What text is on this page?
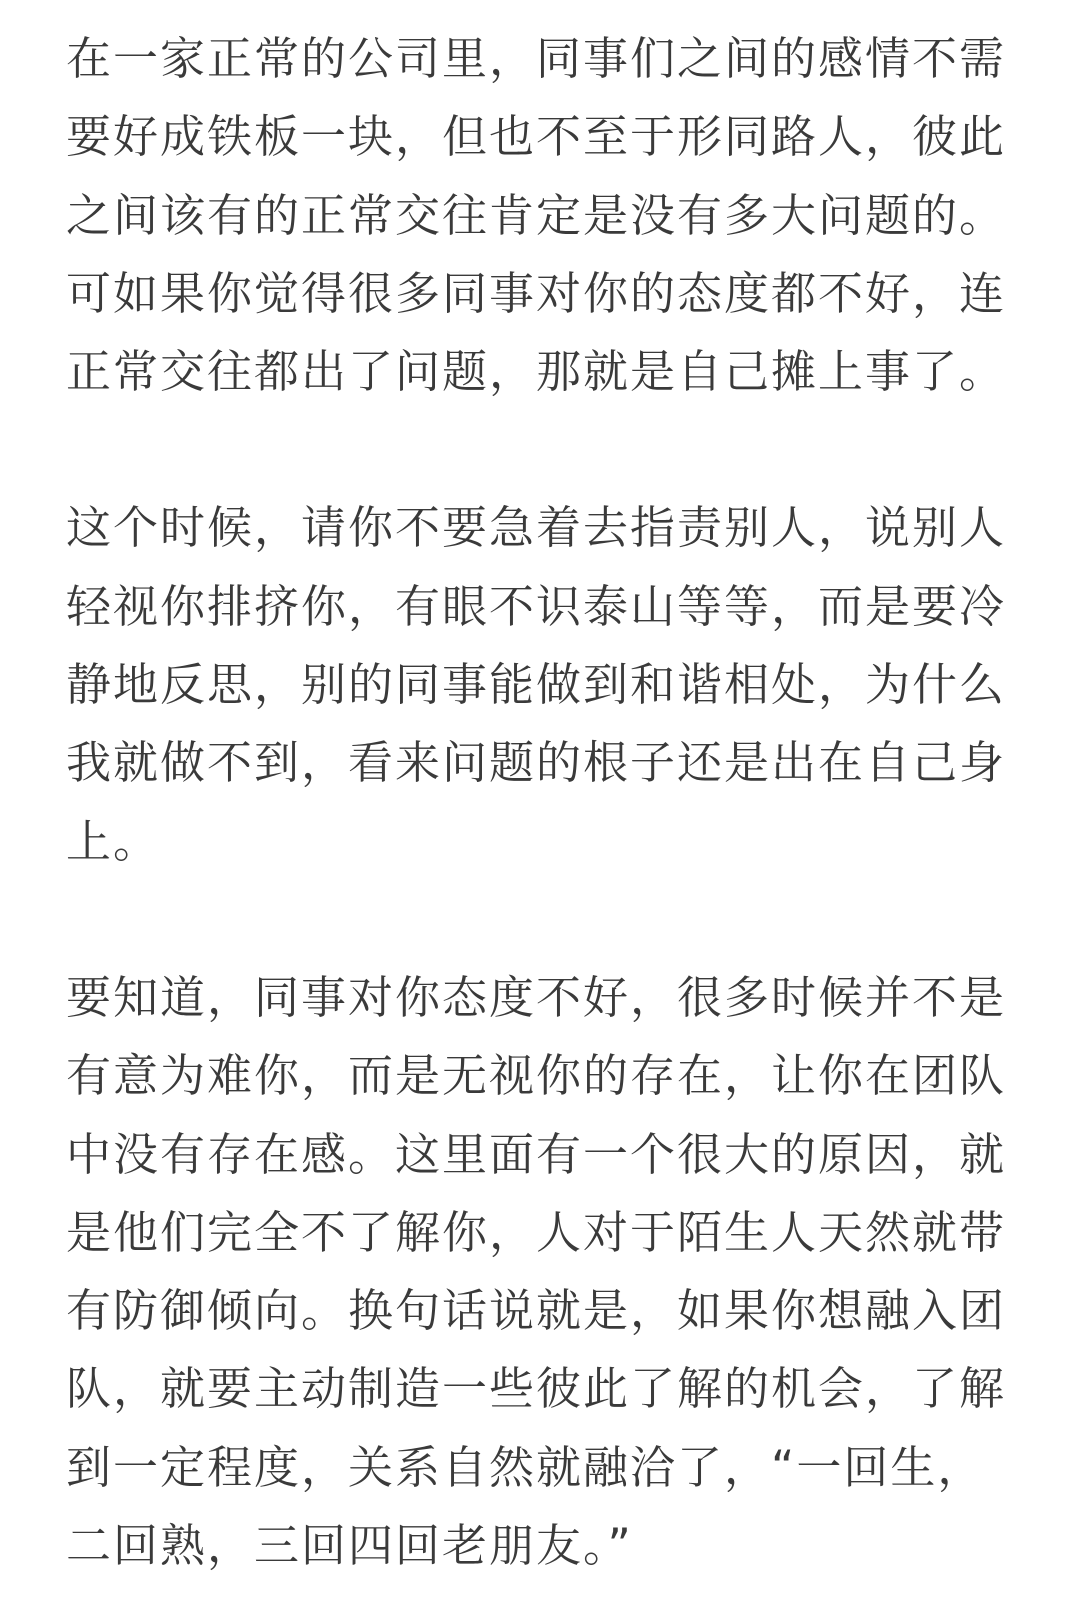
在一家正常的公司里，同事们之间的感情不需
要好成铁板一块，但也不至于形同路人，彼此
之间该有的正常交往肯定是没有多大问题的。
可如果你觉得很多同事对你的态度都不好，连
正常交往都出了问题，那就是自己摊上事了。

这个时候，请你不要急着去指责别人，说别人
轻视你排挤你，有眼不识泰山等等，而是要冷
静地反思，别的同事能做到和谐相处，为什么
我就做不到，看来问题的根子还是出在自己身
上。

要知道，同事对你态度不好，很多时候并不是
有意为难你，而是无视你的存在，让你在团队
中没有存在感。这里面有一个很大的原因，就
是他们完全不了解你，人对于陌生人天然就带
有防御倾向。换句话说就是，如果你想融入团
队，就要主动制造一些彼此了解的机会，了解
到一定程度，关系自然就融洽了，“一回生，
二回熟，三回四回老朋友。”
